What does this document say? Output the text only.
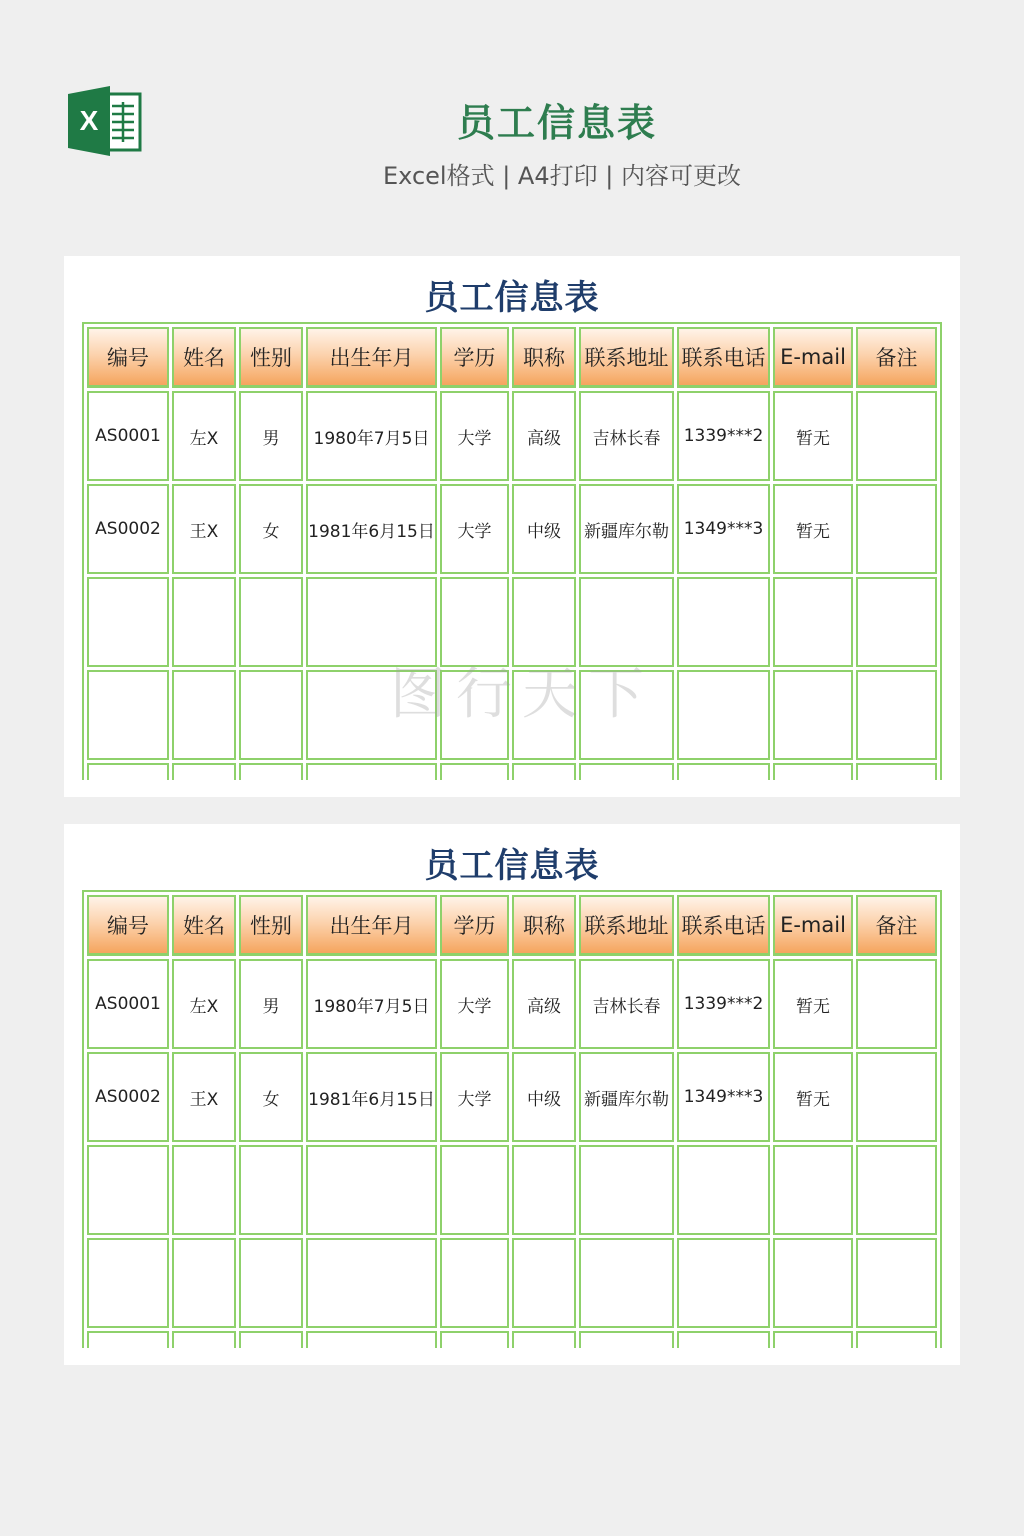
X	员工信息表
Excel格式 | A4打印 | 内容可更改
员工信息表
编号	姓名	性别	出生年月	学历	职称	联系地址	联系电话	E-mail	备注
AS0001	左X	男	1980年7月5日	大学	高级	吉林长春	1339***2	暂无	
AS0002	王X	女	1981年6月15日	大学	中级	新疆库尔勒	1349***3	暂无	

员工信息表
编号	姓名	性别	出生年月	学历	职称	联系地址	联系电话	E-mail	备注
AS0001	左X	男	1980年7月5日	大学	高级	吉林长春	1339***2	暂无	
AS0002	王X	女	1981年6月15日	大学	中级	新疆库尔勒	1349***3	暂无	

图行天下
